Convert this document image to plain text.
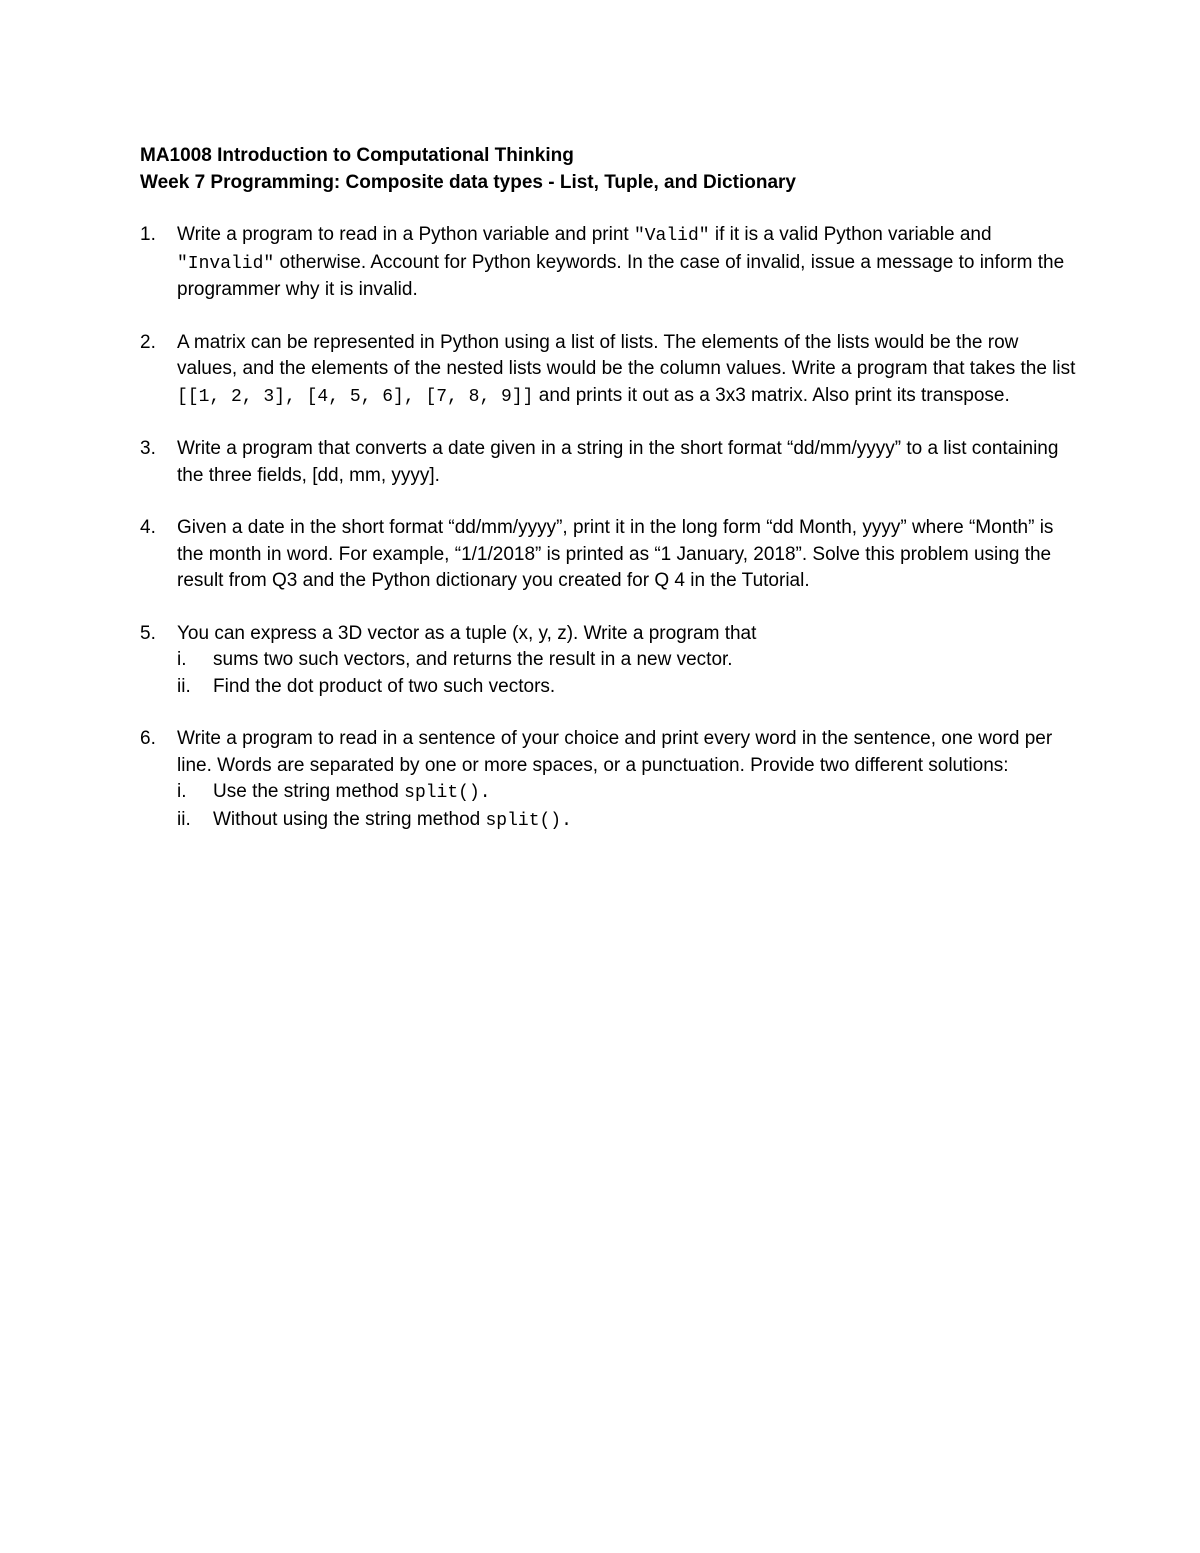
MA1008 Introduction to Computational Thinking

Week 7 Programming: Composite data types - List, Tuple, and Dictionary

1.	Write a program to read in a Python variable and print "Valid" if it is a valid Python variable and "Invalid" otherwise. Account for Python keywords. In the case of invalid, issue a message to inform the programmer why it is invalid.
2.	A matrix can be represented in Python using a list of lists. The elements of the lists would be the row values, and the elements of the nested lists would be the column values. Write a program that takes the list [[1, 2, 3], [4, 5, 6], [7, 8, 9]] and prints it out as a 3x3 matrix. Also print its transpose.
3.	Write a program that converts a date given in a string in the short format “dd/mm/yyyy” to a list containing the three fields, [dd, mm, yyyy].
4.	Given a date in the short format “dd/mm/yyyy”, print it in the long form “dd Month, yyyy” where “Month” is the month in word. For example, “1/1/2018” is printed as “1 January, 2018”. Solve this problem using the result from Q3 and the Python dictionary you created for Q 4 in the Tutorial.
5.	You can express a 3D vector as a tuple (x, y, z). Write a program that
i.	sums two such vectors, and returns the result in a new vector.
ii.	Find the dot product of two such vectors.
6.	Write a program to read in a sentence of your choice and print every word in the sentence, one word per line. Words are separated by one or more spaces, or a punctuation. Provide two different solutions:
i.	Use the string method split().
ii.	Without using the string method split().
